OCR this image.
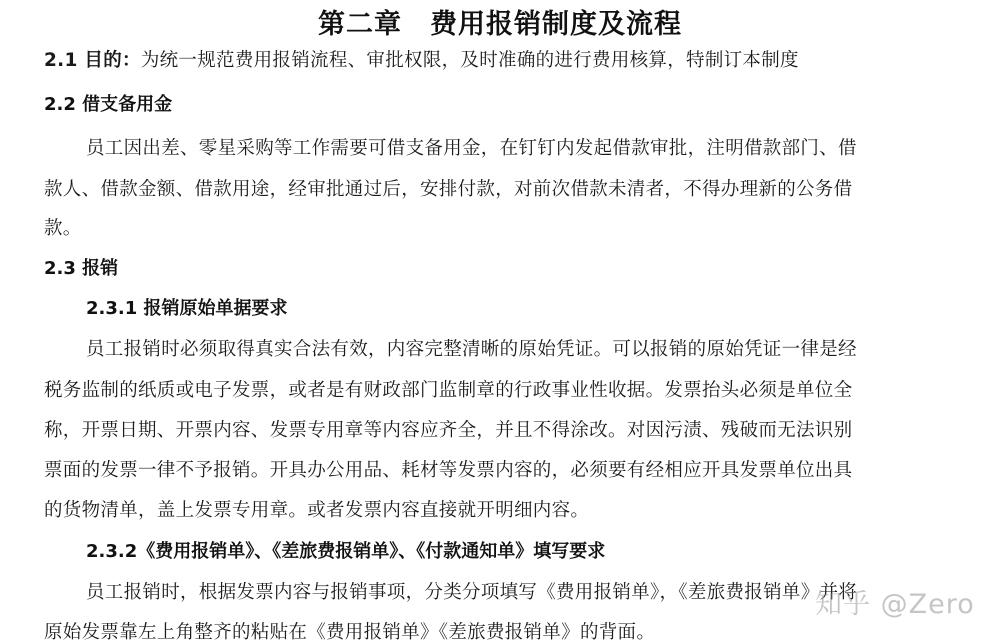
第二章　费用报销制度及流程
2.1 目的：为统一规范费用报销流程、审批权限，及时准确的进行费用核算，特制订本制度
2.2 借支备用金
员工因出差、零星采购等工作需要可借支备用金，在钉钉内发起借款审批，注明借款部门、借
款人、借款金额、借款用途，经审批通过后，安排付款，对前次借款未清者，不得办理新的公务借
款。
2.3 报销
2.3.1 报销原始单据要求
员工报销时必须取得真实合法有效，内容完整清晰的原始凭证。可以报销的原始凭证一律是经
税务监制的纸质或电子发票，或者是有财政部门监制章的行政事业性收据。发票抬头必须是单位全
称，开票日期、开票内容、发票专用章等内容应齐全，并且不得涂改。对因污渍、残破而无法识别
票面的发票一律不予报销。开具办公用品、耗材等发票内容的，必须要有经相应开具发票单位出具
的货物清单，盖上发票专用章。或者发票内容直接就开明细内容。
2.3.2《费用报销单》、《差旅费报销单》、《付款通知单》填写要求
员工报销时，根据发票内容与报销事项，分类分项填写《费用报销单》，《差旅费报销单》并将
原始发票靠左上角整齐的粘贴在《费用报销单》《差旅费报销单》的背面。
知乎 @Zero
